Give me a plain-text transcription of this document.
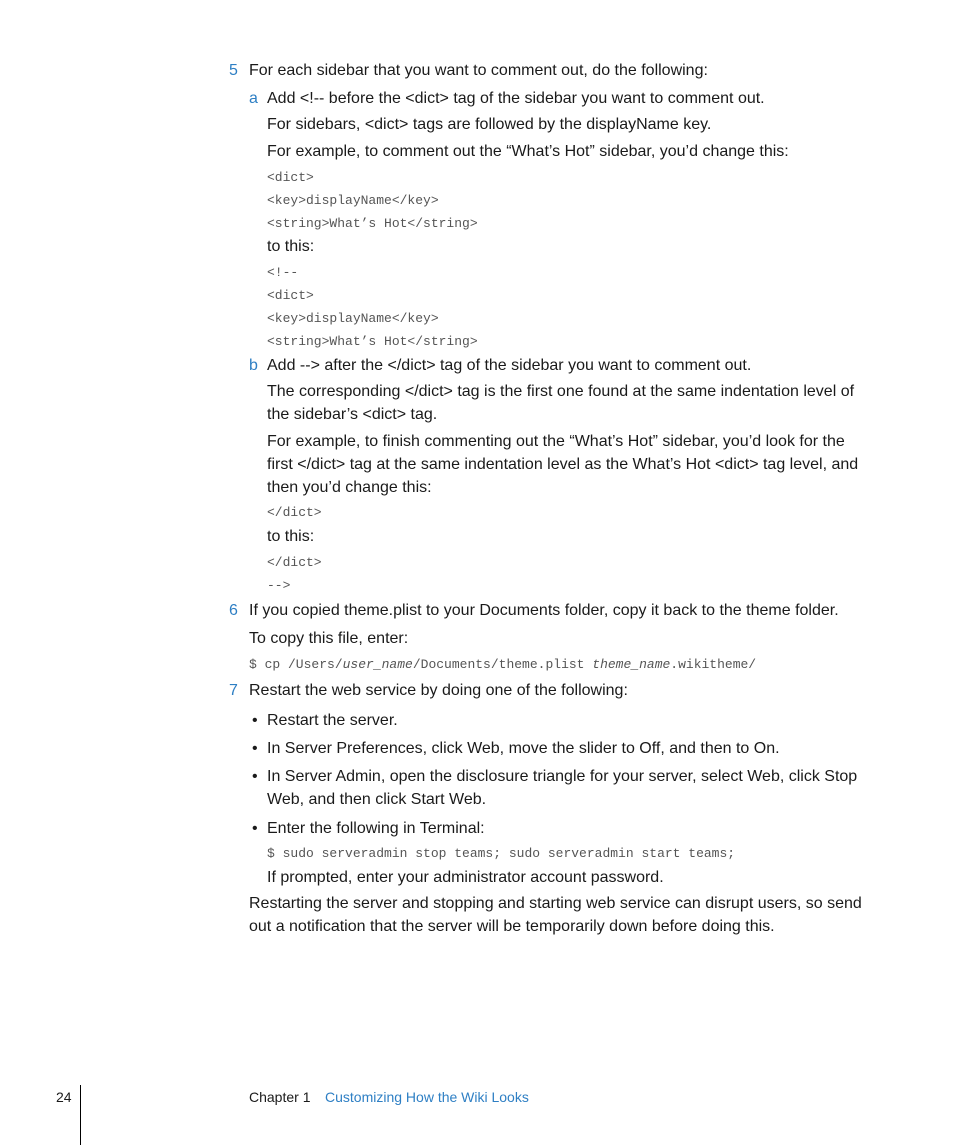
5 For each sidebar that you want to comment out, do the following:
a Add <!-- before the <dict> tag of the sidebar you want to comment out.
For sidebars, <dict> tags are followed by the displayName key.
For example, to comment out the “What’s Hot” sidebar, you’d change this:
<dict>
<key>displayName</key>
<string>What’s Hot</string>
to this:
<!--
<dict>
<key>displayName</key>
<string>What’s Hot</string>
b Add --> after the </dict> tag of the sidebar you want to comment out.
The corresponding </dict> tag is the first one found at the same indentation level of the sidebar’s <dict> tag.
For example, to finish commenting out the “What’s Hot” sidebar, you’d look for the first </dict> tag at the same indentation level as the What’s Hot <dict> tag level, and then you’d change this:
</dict>
to this:
</dict>
-->
6 If you copied theme.plist to your Documents folder, copy it back to the theme folder.
To copy this file, enter:
$ cp /Users/user_name/Documents/theme.plist theme_name.wikitheme/
7 Restart the web service by doing one of the following:
• Restart the server.
• In Server Preferences, click Web, move the slider to Off, and then to On.
• In Server Admin, open the disclosure triangle for your server, select Web, click Stop Web, and then click Start Web.
• Enter the following in Terminal:
$ sudo serveradmin stop teams; sudo serveradmin start teams;
If prompted, enter your administrator account password.
Restarting the server and stopping and starting web service can disrupt users, so send out a notification that the server will be temporarily down before doing this.
24	Chapter 1 Customizing How the Wiki Looks
